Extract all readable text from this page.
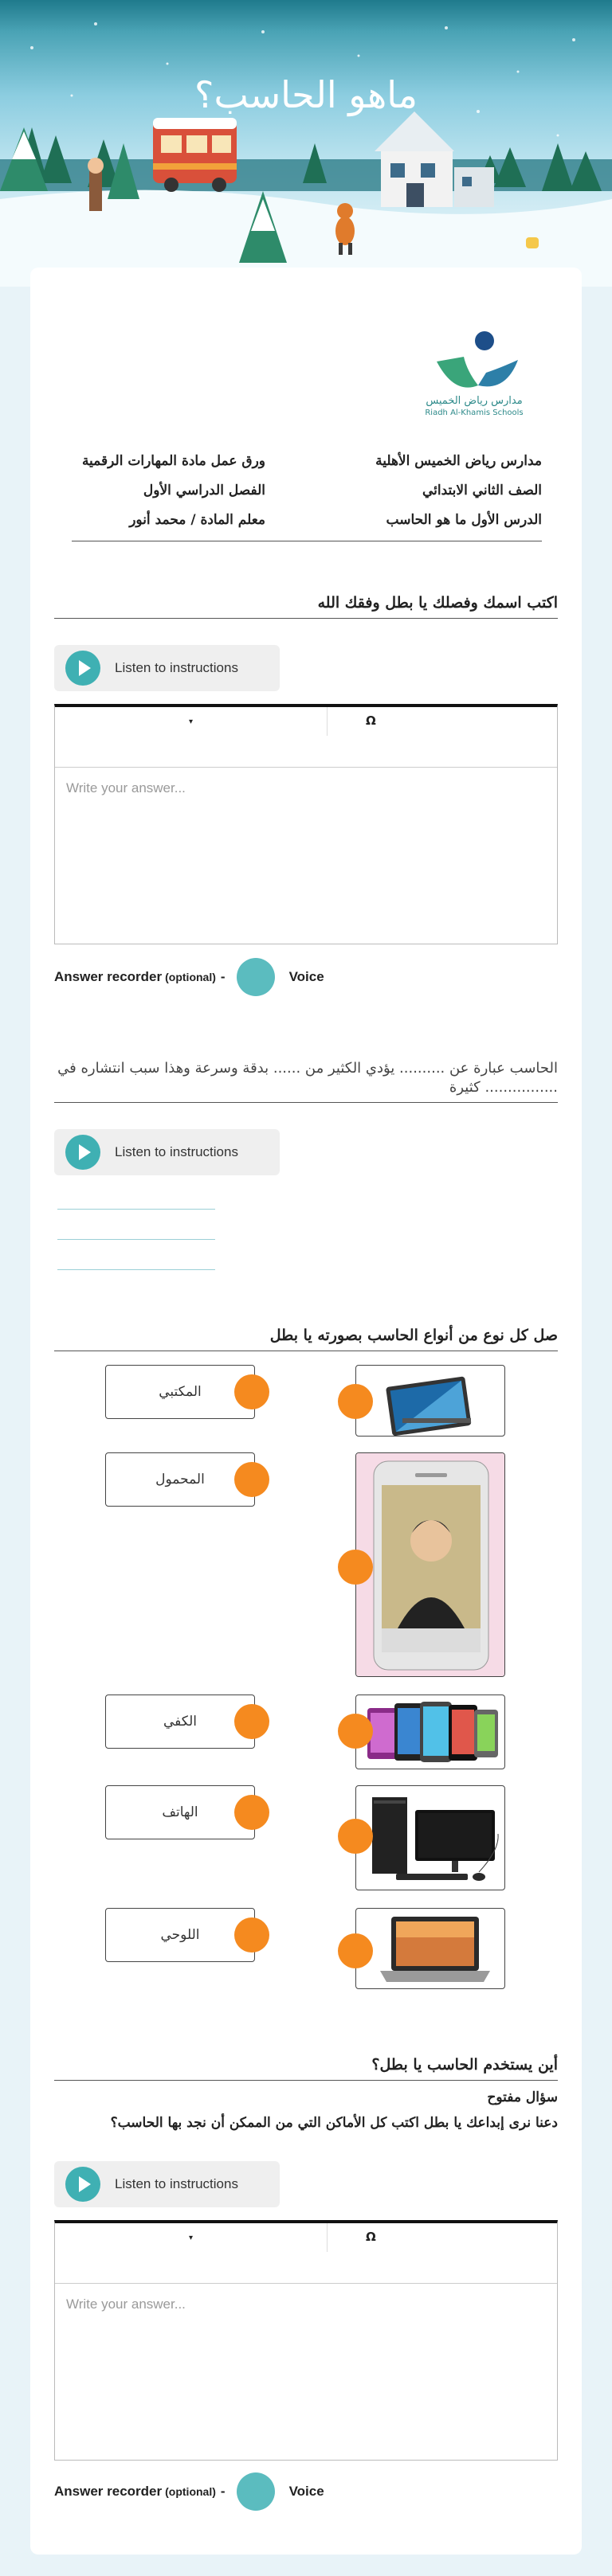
ماهو الحاسب؟
مدارس رياض الخميس
Riadh Al-Khamis Schools
مدارس رياض الخميس الأهلية
ورق عمل مادة المهارات الرقمية
الصف الثاني الابتدائي
الفصل الدراسي الأول
الدرس الأول ما هو الحاسب
معلم المادة / محمد أنور
اكتب اسمك وفصلك يا بطل وفقك الله
Listen to instructions
▾	Ω
Write your answer...
Answer recorder (optional) -	Voice
الحاسب عبارة عن .......... يؤدي الكثير من ...... بدقة وسرعة وهذا سبب انتشاره في ................ كثيرة
Listen to instructions
صل كل نوع من أنواع الحاسب بصورته يا بطل
المكتبي
المحمول
الكفي
الهاتف
اللوحي
أين يستخدم الحاسب يا بطل؟
سؤال مفتوح
دعنا نرى إبداعك يا بطل اكتب كل الأماكن التي من الممكن أن نجد بها الحاسب؟
Listen to instructions
▾	Ω
Write your answer...
Answer recorder (optional) -	Voice
